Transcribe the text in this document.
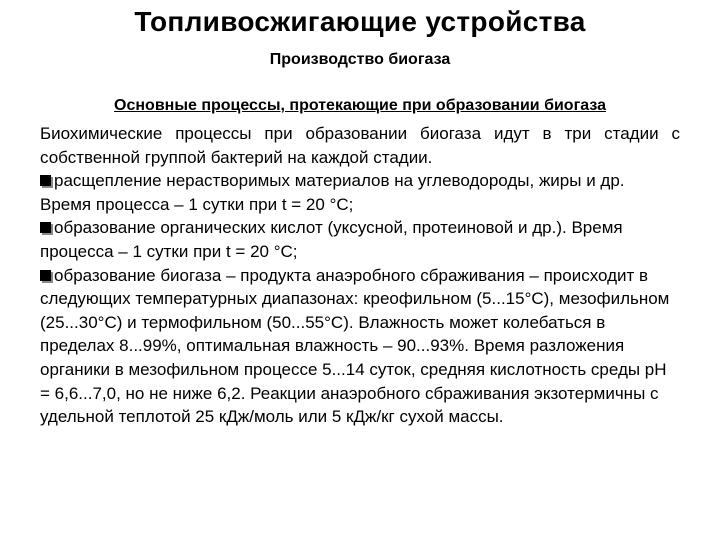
Топливосжигающие устройства
Производство биогаза
Основные процессы, протекающие при образовании биогаза

Биохимические процессы при образовании биогаза идут в три стадии с собственной группой бактерий на каждой стадии.

расщепление нерастворимых материалов на углеводороды, жиры и др. Время процесса – 1 сутки при t = 20 °С;

образование органических кислот (уксусной, протеиновой и др.). Время процесса – 1 сутки при t = 20 °С;

образование биогаза – продукта анаэробного сбраживания – происходит в следующих температурных диапазонах: креофильном (5...15°С), мезофильном (25...30°С) и термофильном (50...55°С). Влажность может колебаться в пределах 8...99%, оптимальная влажность – 90...93%. Время разложения органики в мезофильном процессе 5...14 суток, средняя кислотность среды рН = 6,6...7,0, но не ниже 6,2. Реакции анаэробного сбраживания экзотермичны с удельной теплотой 25 кДж/моль или 5 кДж/кг сухой массы.
